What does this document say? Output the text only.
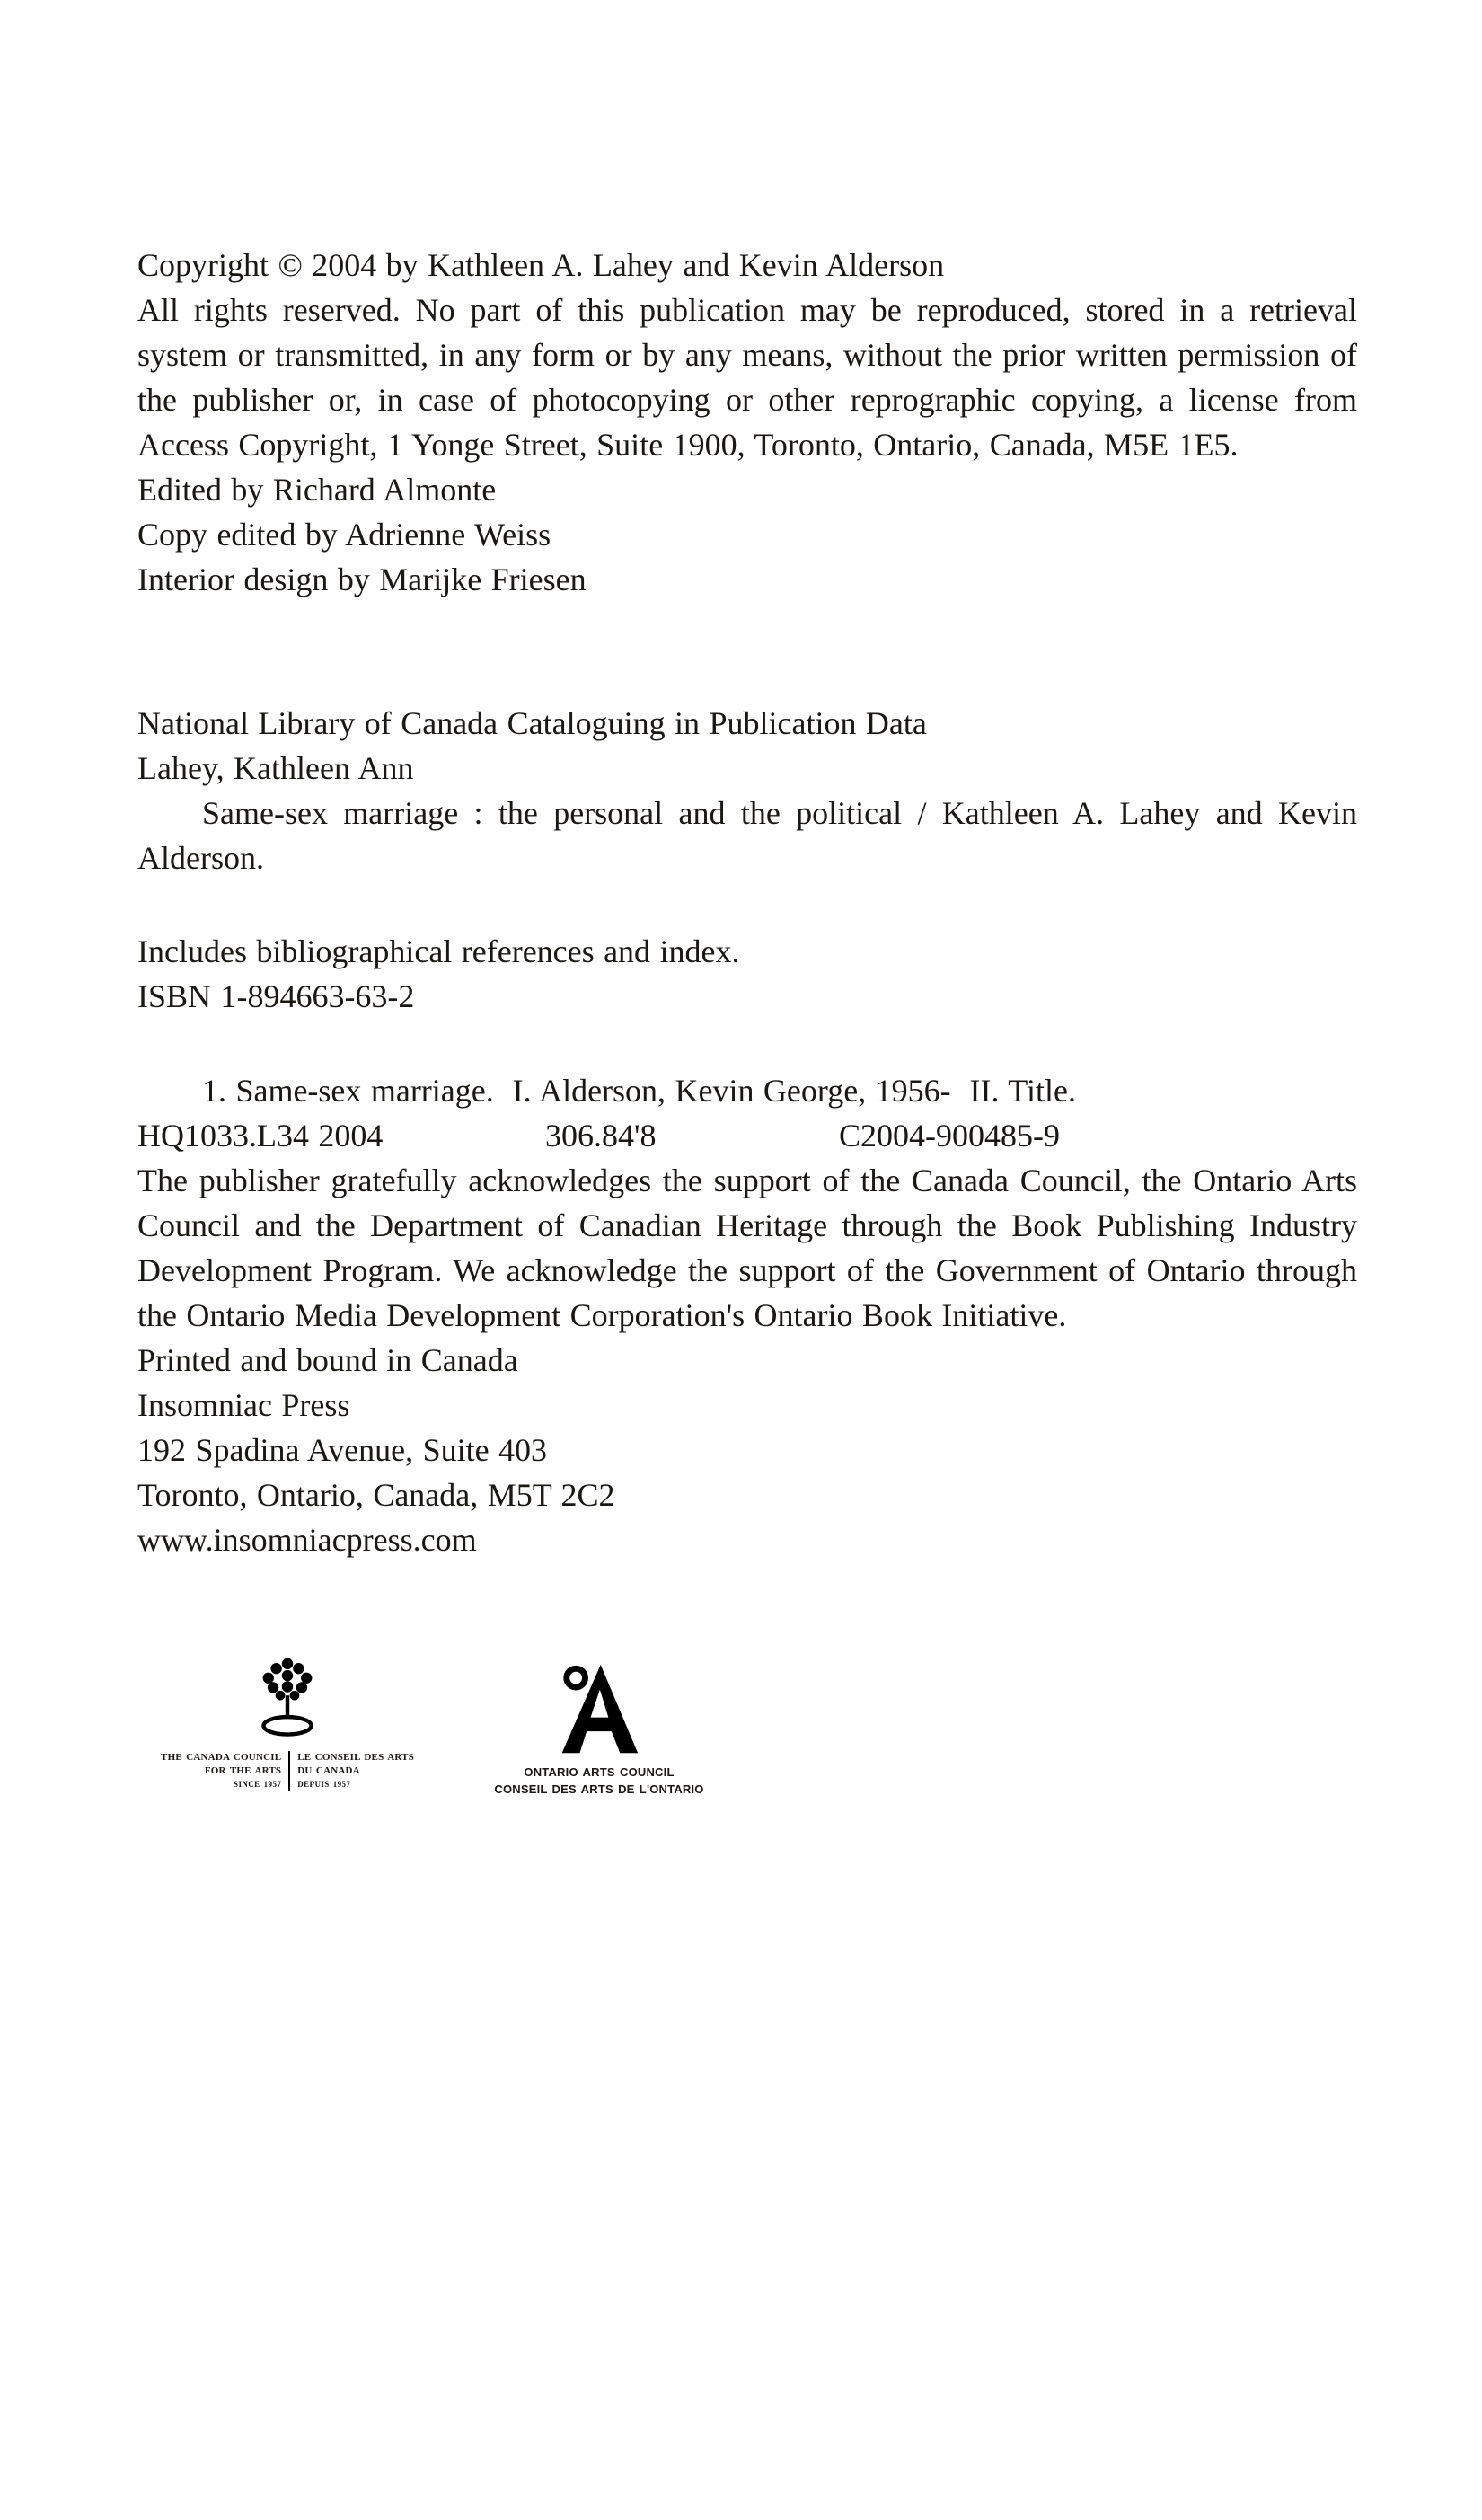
Copyright © 2004 by Kathleen A. Lahey and Kevin Alderson

All rights reserved. No part of this publication may be reproduced, stored in a retrieval system or transmitted, in any form or by any means, without the prior written permission of the publisher or, in case of photocopying or other reprographic copying, a license from Access Copyright, 1 Yonge Street, Suite 1900, Toronto, Ontario, Canada, M5E 1E5.

Edited by Richard Almonte

Copy edited by Adrienne Weiss

Interior design by Marijke Friesen

National Library of Canada Cataloguing in Publication Data

Lahey, Kathleen Ann

Same-sex marriage : the personal and the political / Kathleen A. Lahey and Kevin Alderson.

Includes bibliographical references and index.

ISBN 1-894663-63-2

1. Same-sex marriage.  I. Alderson, Kevin George, 1956-  II. Title.

HQ1033.L34 2004	306.84'8	C2004-900485-9

The publisher gratefully acknowledges the support of the Canada Council, the Ontario Arts Council and the Department of Canadian Heritage through the Book Publishing Industry Development Program. We acknowledge the support of the Government of Ontario through the Ontario Media Development Corporation's Ontario Book Initiative.

Printed and bound in Canada

Insomniac Press

192 Spadina Avenue, Suite 403

Toronto, Ontario, Canada, M5T 2C2

www.insomniacpress.com

THE CANADA COUNCIL
FOR THE ARTS
SINCE 1957
LE CONSEIL DES ARTS
DU CANADA
DEPUIS 1957
ONTARIO ARTS COUNCIL
CONSEIL DES ARTS DE L'ONTARIO
